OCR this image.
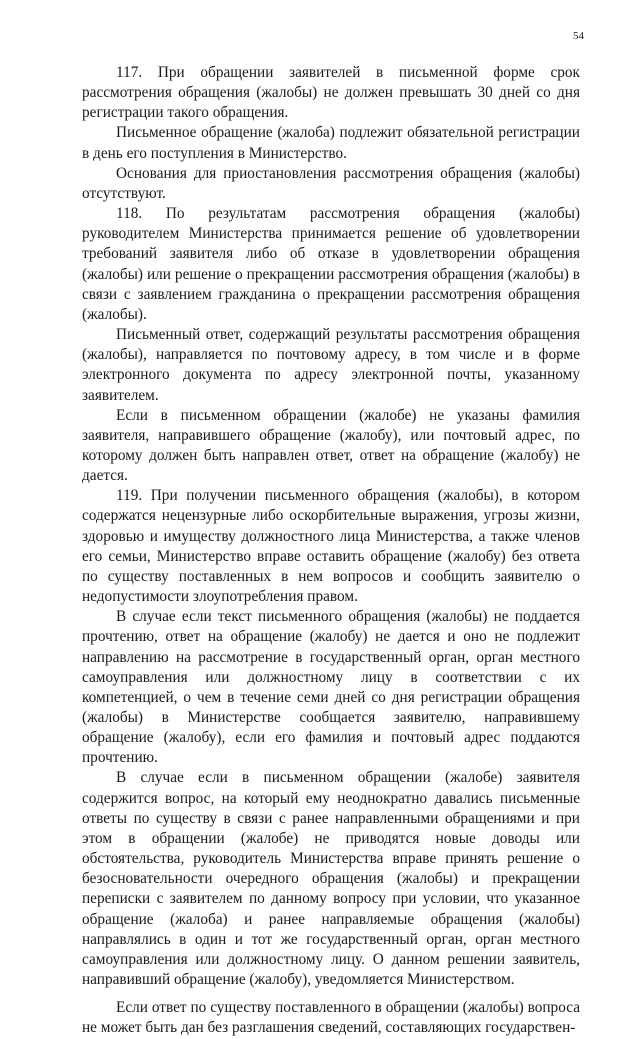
54

117. При обращении заявителей в письменной форме срок рассмотрения обращения (жалобы) не должен превышать 30 дней со дня регистрации такого обращения.

Письменное обращение (жалоба) подлежит обязательной регистрации в день его поступления в Министерство.

Основания для приостановления рассмотрения обращения (жалобы) отсутствуют.

118. По результатам рассмотрения обращения (жалобы) руководителем Министерства принимается решение об удовлетворении требований заявителя либо об отказе в удовлетворении обращения (жалобы) или решение о прекращении рассмотрения обращения (жалобы) в связи с заявлением гражданина о прекращении рассмотрения обращения (жалобы).

Письменный ответ, содержащий результаты рассмотрения обращения (жалобы), направляется по почтовому адресу, в том числе и в форме электронного документа по адресу электронной почты, указанному заявителем.

Если в письменном обращении (жалобе) не указаны фамилия заявителя, направившего обращение (жалобу), или почтовый адрес, по которому должен быть направлен ответ, ответ на обращение (жалобу) не дается.

119. При получении письменного обращения (жалобы), в котором содержатся нецензурные либо оскорбительные выражения, угрозы жизни, здоровью и имуществу должностного лица Министерства, а также членов его семьи, Министерство вправе оставить обращение (жалобу) без ответа по существу поставленных в нем вопросов и сообщить заявителю о недопустимости злоупотребления правом.

В случае если текст письменного обращения (жалобы) не поддается прочтению, ответ на обращение (жалобу) не дается и оно не подлежит направлению на рассмотрение в государственный орган, орган местного самоуправления или должностному лицу в соответствии с их компетенцией, о чем в течение семи дней со дня регистрации обращения (жалобы) в Министерстве сообщается заявителю, направившему обращение (жалобу), если его фамилия и почтовый адрес поддаются прочтению.

В случае если в письменном обращении (жалобе) заявителя содержится вопрос, на который ему неоднократно давались письменные ответы по существу в связи с ранее направленными обращениями и при этом в обращении (жалобе) не приводятся новые доводы или обстоятельства, руководитель Министерства вправе принять решение о безосновательности очередного обращения (жалобы) и прекращении переписки с заявителем по данному вопросу при условии, что указанное обращение (жалоба) и ранее направляемые обращения (жалобы) направлялись в один и тот же государственный орган, орган местного самоуправления или должностному лицу. О данном решении заявитель, направивший обращение (жалобу), уведомляется Министерством.

Если ответ по существу поставленного в обращении (жалобы) вопроса не может быть дан без разглашения сведений, составляющих государствен-
